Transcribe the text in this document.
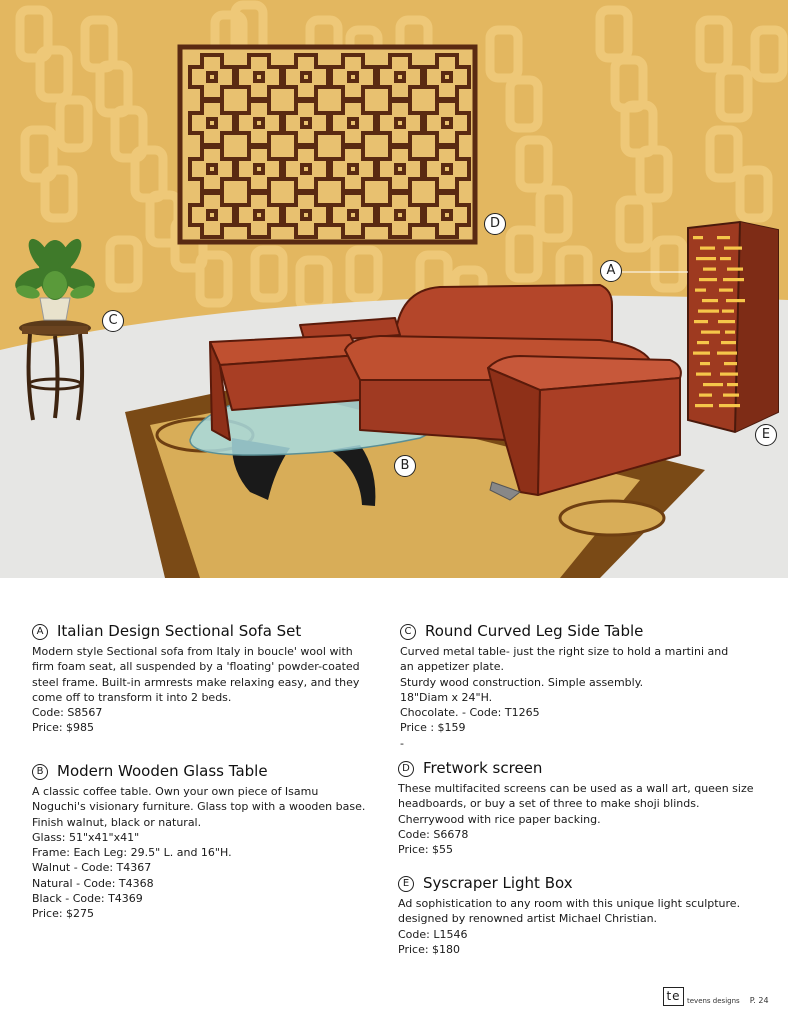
A
B
C
D
E
A Italian Design Sectional Sofa Set
Modern style Sectional sofa from Italy in boucle' wool with
firm foam seat, all suspended by a 'floating' powder-coated
steel frame. Built-in armrests make relaxing easy, and they
come off to transform it into 2 beds.
Code: S8567
Price: $985
B Modern Wooden Glass Table
A classic coffee table. Own your own piece of Isamu
Noguchi's visionary furniture. Glass top with a wooden base.
Finish walnut, black or natural.
Glass: 51"x41"x41"
Frame: Each Leg: 29.5" L. and 16"H.
Walnut - Code: T4367
Natural - Code: T4368
Black - Code: T4369
Price: $275
C Round Curved Leg Side Table
Curved metal table- just the right size to hold a martini and
an appetizer plate.
Sturdy wood construction. Simple assembly.
18"Diam x 24"H.
Chocolate. - Code: T1265
Price : $159
-
D Fretwork screen
These multifacited screens can be used as a wall art, queen size
headboards, or buy a set of three to make shoji blinds.
Cherrywood with rice paper backing.
Code: S6678
Price: $55
E Syscraper Light Box
Ad sophistication to any room with this unique light sculpture.
designed by renowned artist Michael Christian.
Code: L1546
Price: $180
te tevens designs P. 24
